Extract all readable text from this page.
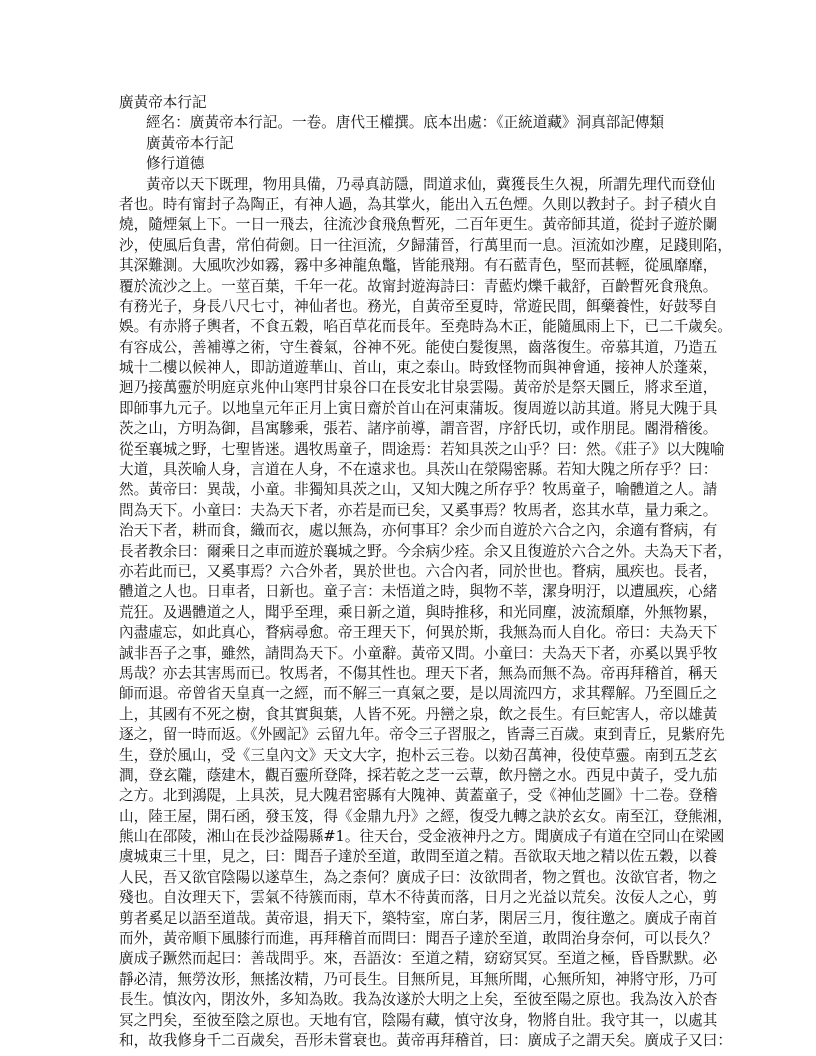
廣黃帝本行記
經名：廣黃帝本行記。一卷。唐代王權撰。底本出處：《正統道藏》洞真部記傳類
廣黃帝本行記
修行道德
黃帝以天下既理，物用具備，乃尋真訪隱，問道求仙，冀獲長生久視，所謂先理代而登仙
者也。時有甯封子為陶正，有神人過，為其掌火，能出入五色煙。久則以教封子。封子積火自
燒，隨煙氣上下。一日一飛去，往流沙食飛魚暫死，二百年更生。黃帝師其道，從封子遊於闌
沙，使風后負書，常伯荷劍。日一往洹流，夕歸蒲晉，行萬里而一息。洹流如沙塵，足踐則陷，
其深難測。大風吹沙如霧，霧中多神龍魚鼈，皆能飛翔。有石藍青色，堅而甚輕，從風靡靡，
覆於流沙之上。一莖百葉，千年一花。故甯封遊海詩曰：青藍灼爍千載舒，百齡暫死食飛魚。
有務光子，身長八尺七寸，神仙者也。務光，自黃帝至夏時，常遊民間，餌藥養性，好鼓琴自
娛。有赤將子輿者，不食五穀，啗百草花而長年。至堯時為木正，能隨風雨上下，已二千歲矣。
有容成公，善補導之術，守生養氣，谷神不死。能使白髮復黑，齒落復生。帝慕其道，乃造五
城十二樓以候神人，即訪道遊華山、首山，東之泰山。時致怪物而與神會通，接神人於蓬萊，
迴乃接萬靈於明庭京兆仲山寒門甘泉谷口在長安北甘泉雲陽。黃帝於是祭天圜丘，將求至道，
即師事九元子。以地皇元年正月上寅日齋於首山在河東蒲坂。復周遊以訪其道。將見大隗于具
茨之山，方明為御，昌寓驂乘，張若、諸序前導，謂音習，序舒氏切，或作朋昆。閽滑稽後。
從至襄城之野，七聖皆迷。遇牧馬童子，問途焉：若知具茨之山乎？曰：然。《莊子》以大隗喻
大道，具茨喻人身，言道在人身，不在遠求也。具茨山在滎陽密縣。若知大隗之所存乎？曰：
然。黃帝曰：異哉，小童。非獨知具茨之山，又知大隗之所存乎？牧馬童子，喻體道之人。請
問為天下。小童曰：夫為天下者，亦若是而已矣，又奚事焉？牧馬者，恣其水草，量力乘之。
治天下者，耕而食，織而衣，處以無為，亦何事耳？余少而自遊於六合之內，余適有瞀病，有
長者教余曰：爾乘日之車而遊於襄城之野。今余病少痊。余又且復遊於六合之外。夫為天下者，
亦若此而已，又奚事焉？六合外者，異於世也。六合內者，同於世也。瞀病，風疾也。長者，
體道之人也。日車者，日新也。童子言：未悟道之時，與物不莘，潔身明汙，以遭風疾，心緒
荒狂。及遇體道之人，聞乎至理，乘日新之道，與時推移，和光同塵，波流頹靡，外無物累，
內盡虛忘，如此真心，瞀病尋愈。帝王理天下，何異於斯，我無為而人自化。帝曰：夫為天下
誠非吾子之事，雖然，請問為天下。小童辭。黃帝又問。小童曰：夫為天下者，亦奚以異乎牧
馬哉？亦去其害馬而已。牧馬者，不傷其性也。理天下者，無為而無不為。帝再拜稽首，稱天
師而退。帝曾省天皇真一之經，而不解三一真氣之要，是以周流四方，求其釋解。乃至圓丘之
上，其國有不死之樹，食其實與葉，人皆不死。丹巒之泉，飲之長生。有巨蛇害人，帝以雄黃
逐之，留一時而返。《外國記》云留九年。帝令三子習服之，皆壽三百歲。東到青丘，見紫府先
生，登於風山，受《三皇內文》天文大字，抱朴云三卷。以劾召萬神，役使草靈。南到五芝玄
澗，登玄隴，蔭建木，觀百靈所登降，採若乾之芝一云蕈，飲丹巒之水。西見中黃子，受九茄
之方。北到鴻隄，上具茨，見大隗君密縣有大隗神、黃蓋童子，受《神仙芝圖》十二卷。登稽
山，陸王屋，開石函，發玉笈，得《金鼎九丹》之經，復受九轉之訣於玄女。南至江，登熊湘，
熊山在邵陵，湘山在長沙益陽縣#1。往天台，受金液神丹之方。聞廣成子有道在空同山在梁國
虞城東三十里，見之，曰：聞吾子達於至道，敢問至道之精。吾欲取天地之精以佐五穀，以養
人民，吾又欲官陰陽以遂草生，為之柰何？廣成子曰：汝欲問者，物之質也。汝欲官者，物之
殘也。自汝理天下，雲氣不待簇而雨，草木不待黃而落，日月之光益以荒矣。汝佞人之心，剪
剪者奚足以語至道哉。黃帝退，捐天下，築特室，席白茅，閑居三月，復往邀之。廣成子南首
而外，黃帝順下風膝行而進，再拜稽首而問曰：聞吾子達於至道，敢問治身奈何，可以長久？
廣成子蹶然而起曰：善哉問乎。來，吾語汝：至道之精，窈窈冥冥。至道之極，昏昏默默。必
靜必清，無勞汝形，無搖汝精，乃可長生。目無所見，耳無所聞，心無所知，神將守形，乃可
長生。慎汝內，閉汝外，多知為敗。我為汝遂於大明之上矣，至彼至陽之原也。我為汝入於杳
冥之門矣，至彼至陰之原也。天地有官，陰陽有藏，慎守汝身，物將自壯。我守其一，以處其
和，故我修身千二百歲矣，吾形未嘗衰也。黃帝再拜稽首，曰：廣成子之謂天矣。廣成子又曰：
